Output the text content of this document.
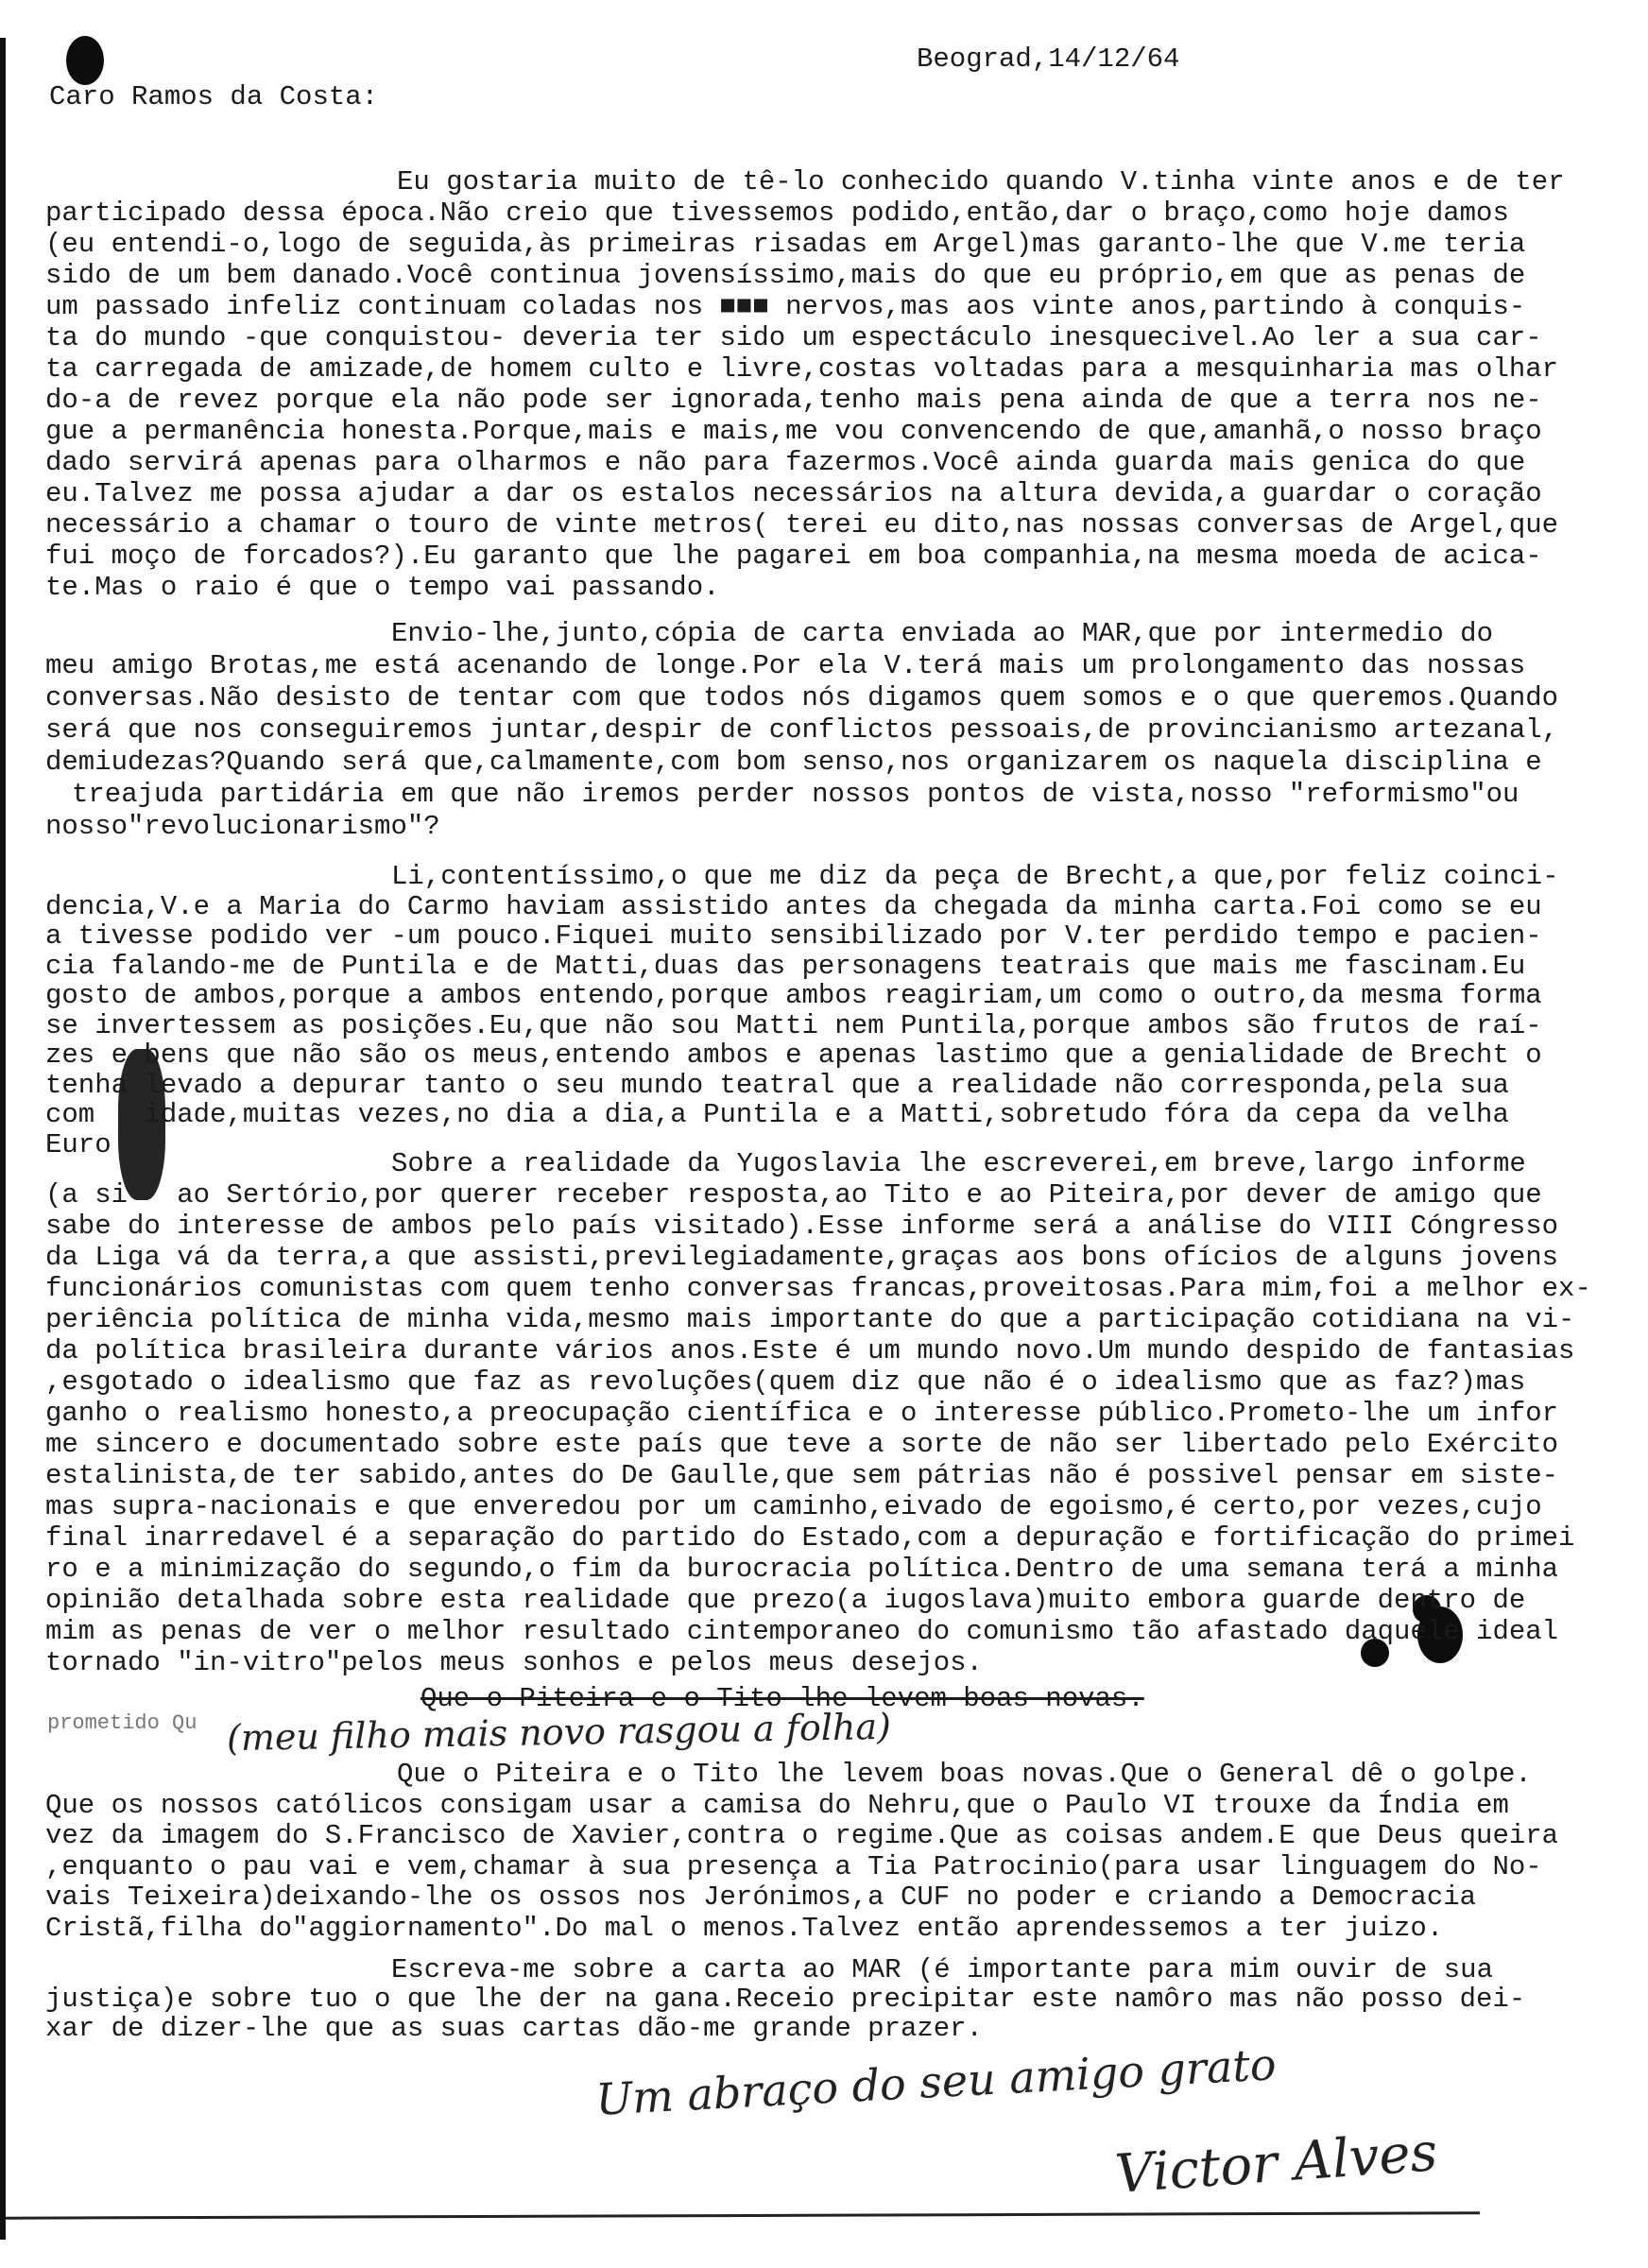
Beograd,14/12/64
Caro Ramos da Costa:
Eu gostaria muito de tê-lo conhecido quando V.tinha vinte anos e de ter
participado dessa época.Não creio que tivessemos podido,então,dar o braço,como hoje damos
(eu entendi-o,logo de seguida,às primeiras risadas em Argel)mas garanto-lhe que V.me teria
sido de um bem danado.Você continua jovensíssimo,mais do que eu próprio,em que as penas de
um passado infeliz continuam coladas nos ■■■ nervos,mas aos vinte anos,partindo à conquis-
ta do mundo -que conquistou- deveria ter sido um espectáculo inesquecivel.Ao ler a sua car-
ta carregada de amizade,de homem culto e livre,costas voltadas para a mesquinharia mas olhar
do-a de revez porque ela não pode ser ignorada,tenho mais pena ainda de que a terra nos ne-
gue a permanência honesta.Porque,mais e mais,me vou convencendo de que,amanhã,o nosso braço
dado servirá apenas para olharmos e não para fazermos.Você ainda guarda mais genica do que
eu.Talvez me possa ajudar a dar os estalos necessários na altura devida,a guardar o coração
necessário a chamar o touro de vinte metros( terei eu dito,nas nossas conversas de Argel,que
fui moço de forcados?).Eu garanto que lhe pagarei em boa companhia,na mesma moeda de acica-
te.Mas o raio é que o tempo vai passando.
Envio-lhe,junto,cópia de carta enviada ao MAR,que por intermedio do
meu amigo Brotas,me está acenando de longe.Por ela V.terá mais um prolongamento das nossas
conversas.Não desisto de tentar com que todos nós digamos quem somos e o que queremos.Quando
será que nos conseguiremos juntar,despir de conflictos pessoais,de provincianismo artezanal,
demiudezas?Quando será que,calmamente,com bom senso,nos organizarem os naquela disciplina e
treajuda partidária em que não iremos perder nossos pontos de vista,nosso "reformismo"ou
nosso"revolucionarismo"?
Li,contentíssimo,o que me diz da peça de Brecht,a que,por feliz coinci-
dencia,V.e a Maria do Carmo haviam assistido antes da chegada da minha carta.Foi como se eu
a tivesse podido ver -um pouco.Fiquei muito sensibilizado por V.ter perdido tempo e pacien-
cia falando-me de Puntila e de Matti,duas das personagens teatrais que mais me fascinam.Eu
gosto de ambos,porque a ambos entendo,porque ambos reagiriam,um como o outro,da mesma forma
se invertessem as posições.Eu,que não sou Matti nem Puntila,porque ambos são frutos de raí-
zes e bens que não são os meus,entendo ambos e apenas lastimo que a genialidade de Brecht o
tenha levado a depurar tanto o seu mundo teatral que a realidade não corresponda,pela sua
com   idade,muitas vezes,no dia a dia,a Puntila e a Matti,sobretudo fóra da cepa da velha
Euro
Sobre a realidade da Yugoslavia lhe escreverei,em breve,largo informe
(a si   ao Sertório,por querer receber resposta,ao Tito e ao Piteira,por dever de amigo que
sabe do interesse de ambos pelo país visitado).Esse informe será a análise do VIII Cóngresso
da Liga vá da terra,a que assisti,previlegiadamente,graças aos bons ofícios de alguns jovens
funcionários comunistas com quem tenho conversas francas,proveitosas.Para mim,foi a melhor ex-
periência política de minha vida,mesmo mais importante do que a participação cotidiana na vi-
da política brasileira durante vários anos.Este é um mundo novo.Um mundo despido de fantasias
,esgotado o idealismo que faz as revoluções(quem diz que não é o idealismo que as faz?)mas
ganho o realismo honesto,a preocupação científica e o interesse público.Prometo-lhe um infor
me sincero e documentado sobre este país que teve a sorte de não ser libertado pelo Exército
estalinista,de ter sabido,antes do De Gaulle,que sem pátrias não é possivel pensar em siste-
mas supra-nacionais e que enveredou por um caminho,eivado de egoismo,é certo,por vezes,cujo
final inarredavel é a separação do partido do Estado,com a depuração e fortificação do primei
ro e a minimização do segundo,o fim da burocracia política.Dentro de uma semana terá a minha
opinião detalhada sobre esta realidade que prezo(a iugoslava)muito embora guarde dentro de
mim as penas de ver o melhor resultado cintemporaneo do comunismo tão afastado daquele ideal
tornado "in-vitro"pelos meus sonhos e pelos meus desejos.
Que o Piteira e o Tito lhe levem boas novas.
prometido Qu (meu filho mais novo rasgou a folha)
Que o Piteira e o Tito lhe levem boas novas.Que o General dê o golpe.
Que os nossos católicos consigam usar a camisa do Nehru,que o Paulo VI trouxe da Índia em
vez da imagem do S.Francisco de Xavier,contra o regime.Que as coisas andem.E que Deus queira
,enquanto o pau vai e vem,chamar à sua presença a Tia Patrocinio(para usar linguagem do No-
vais Teixeira)deixando-lhe os ossos nos Jerónimos,a CUF no poder e criando a Democracia
Cristã,filha do"aggiornamento".Do mal o menos.Talvez então aprendessemos a ter juizo.
Escreva-me sobre a carta ao MAR (é importante para mim ouvir de sua
justiça)e sobre tuo o que lhe der na gana.Receio precipitar este namôro mas não posso dei-
xar de dizer-lhe que as suas cartas dão-me grande prazer.
Um abraço do seu amigo grato
Victor Alves
